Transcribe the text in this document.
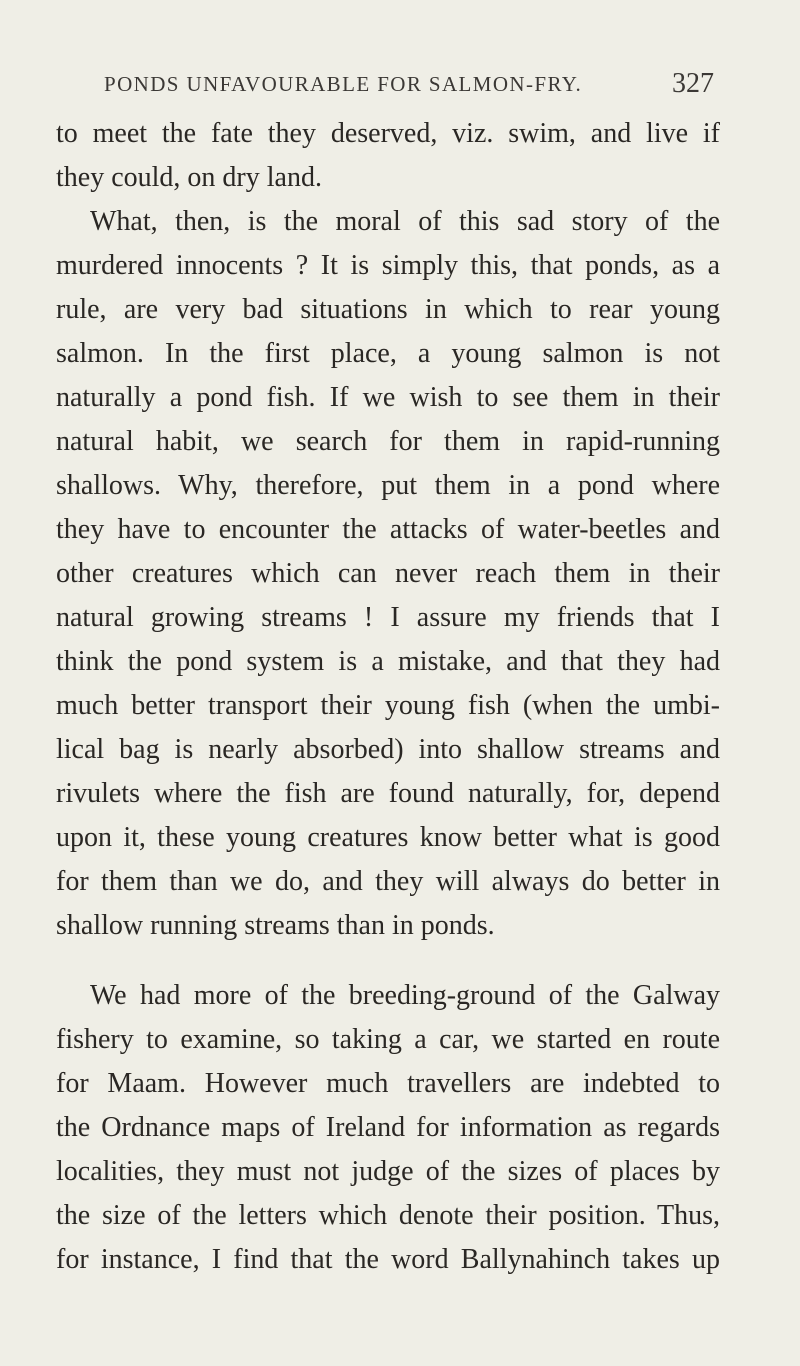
PONDS UNFAVOURABLE FOR SALMON-FRY.	327

to meet the fate they deserved, viz. swim, and live if
they could, on dry land.

What, then, is the moral of this sad story of the
murdered innocents ? It is simply this, that ponds, as a
rule, are very bad situations in which to rear young
salmon. In the first place, a young salmon is not
naturally a pond fish. If we wish to see them in their
natural habit, we search for them in rapid-running
shallows. Why, therefore, put them in a pond where
they have to encounter the attacks of water-beetles and
other creatures which can never reach them in their
natural growing streams ! I assure my friends that I
think the pond system is a mistake, and that they had
much better transport their young fish (when the umbi-
lical bag is nearly absorbed) into shallow streams and
rivulets where the fish are found naturally, for, depend
upon it, these young creatures know better what is good
for them than we do, and they will always do better in
shallow running streams than in ponds.

We had more of the breeding-ground of the Galway
fishery to examine, so taking a car, we started en route
for Maam. However much travellers are indebted to
the Ordnance maps of Ireland for information as regards
localities, they must not judge of the sizes of places by
the size of the letters which denote their position. Thus,
for instance, I find that the word Ballynahinch takes up
